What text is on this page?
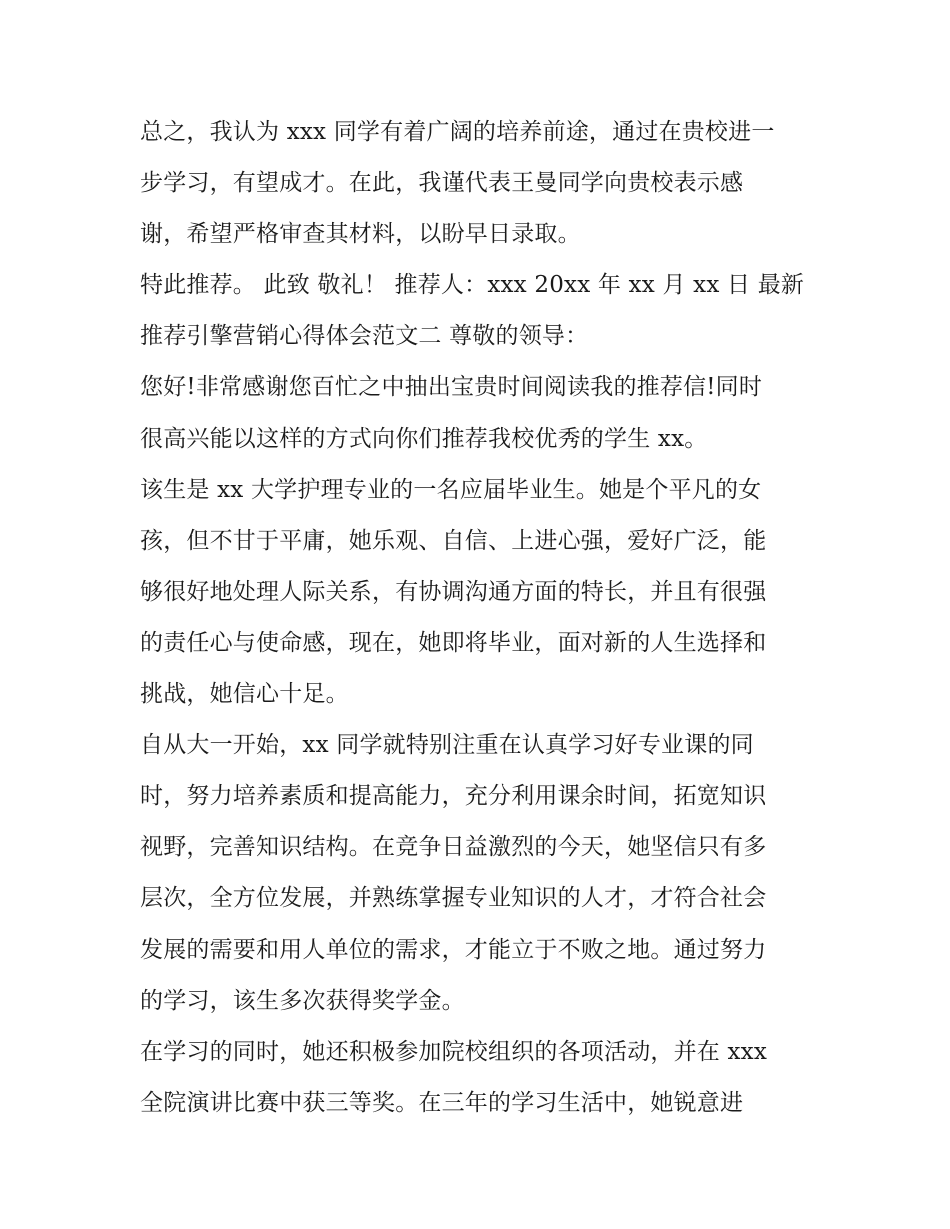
总之，我认为 xxx 同学有着广阔的培养前途，通过在贵校进一
步学习，有望成才。在此，我谨代表王曼同学向贵校表示感
谢，希望严格审查其材料，以盼早日录取。
特此推荐。 此致 敬礼！ 推荐人：xxx 20xx 年 xx 月 xx 日 最新
推荐引擎营销心得体会范文二 尊敬的领导：
您好!非常感谢您百忙之中抽出宝贵时间阅读我的推荐信!同时
很高兴能以这样的方式向你们推荐我校优秀的学生 xx。
该生是 xx 大学护理专业的一名应届毕业生。她是个平凡的女
孩，但不甘于平庸，她乐观、自信、上进心强，爱好广泛，能
够很好地处理人际关系，有协调沟通方面的特长，并且有很强
的责任心与使命感，现在，她即将毕业，面对新的人生选择和
挑战，她信心十足。
自从大一开始，xx 同学就特别注重在认真学习好专业课的同
时，努力培养素质和提高能力，充分利用课余时间，拓宽知识
视野，完善知识结构。在竞争日益激烈的今天，她坚信只有多
层次，全方位发展，并熟练掌握专业知识的人才，才符合社会
发展的需要和用人单位的需求，才能立于不败之地。通过努力
的学习，该生多次获得奖学金。
在学习的同时，她还积极参加院校组织的各项活动，并在 xxx
全院演讲比赛中获三等奖。在三年的学习生活中，她锐意进
